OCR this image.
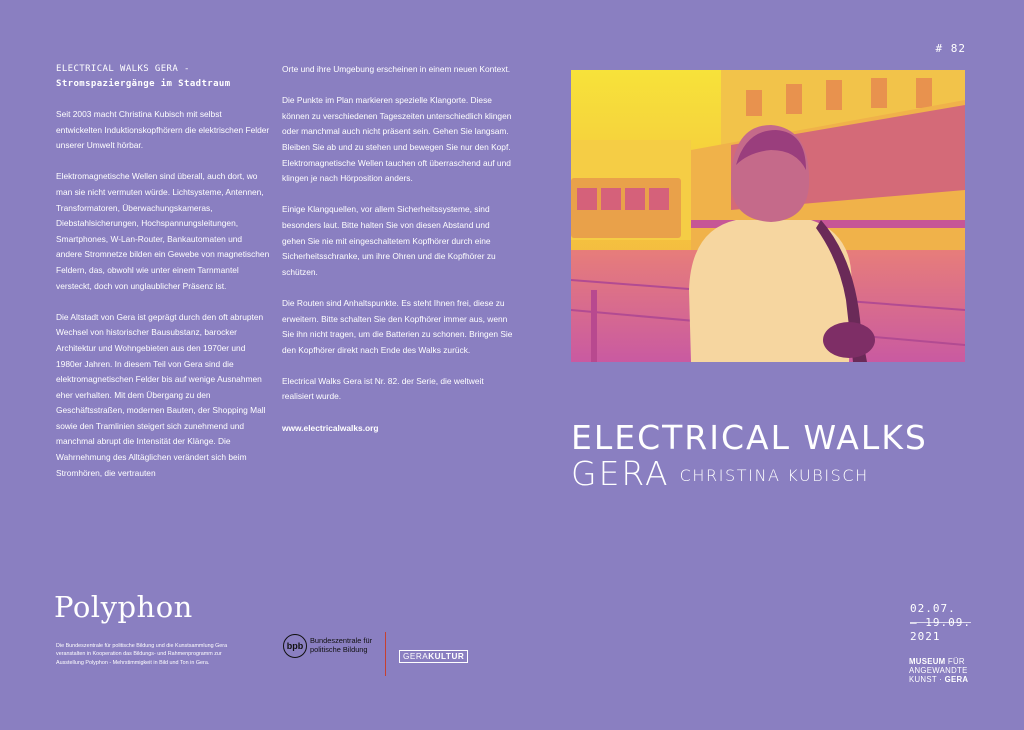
# 82
ELECTRICAL WALKS GERA -
Stromspaziergänge im Stadtraum

Seit 2003 macht Christina Kubisch mit selbst entwickelten Induktionskopfhörern die elektrischen Felder unserer Umwelt hörbar.

Elektromagnetische Wellen sind überall, auch dort, wo man sie nicht vermuten würde. Lichtsysteme, Antennen, Transformatoren, Überwachungskameras, Diebstahlsicherungen, Hochspannungsleitungen, Smartphones, W-Lan-Router, Bankautomaten und andere Stromnetze bilden ein Gewebe von magnetischen Feldern, das, obwohl wie unter einem Tarnmantel versteckt, doch von unglaublicher Präsenz ist.

Die Altstadt von Gera ist geprägt durch den oft abrupten Wechsel von historischer Bausubstanz, barocker Architektur und Wohngebieten aus den 1970er und 1980er Jahren. In diesem Teil von Gera sind die elektromagnetischen Felder bis auf wenige Ausnahmen eher verhalten. Mit dem Übergang zu den Geschäftsstraßen, modernen Bauten, der Shopping Mall sowie den Tramlinien steigert sich zunehmend und manchmal abrupt die Intensität der Klänge. Die Wahrnehmung des Alltäglichen verändert sich beim Stromhören, die vertrauten

Orte und ihre Umgebung erscheinen in einem neuen Kontext.

Die Punkte im Plan markieren spezielle Klangorte. Diese können zu verschiedenen Tageszeiten unterschiedlich klingen oder manchmal auch nicht präsent sein. Gehen Sie langsam. Bleiben Sie ab und zu stehen und bewegen Sie nur den Kopf. Elektromagnetische Wellen tauchen oft überraschend auf und klingen je nach Hörposition anders.

Einige Klangquellen, vor allem Sicherheitssysteme, sind besonders laut. Bitte halten Sie von diesen Abstand und gehen Sie nie mit eingeschaltetem Kopfhörer durch eine Sicherheitsschranke, um ihre Ohren und die Kopfhörer zu schützen.

Die Routen sind Anhaltspunkte. Es steht Ihnen frei, diese zu erweitern. Bitte schalten Sie den Kopfhörer immer aus, wenn Sie ihn nicht tragen, um die Batterien zu schonen. Bringen Sie den Kopfhörer direkt nach Ende des Walks zurück.

Electrical Walks Gera ist Nr. 82. der Serie, die weltweit realisiert wurde.

www.electricalwalks.org	ELECTRICAL WALKS
GERA CHRISTINA KUBISCH
Polyphon
Die Bundeszentrale für politische Bildung und die Kunstsammlung Gera veranstalten in Kooperation das Bildungs- und Rahmenprogramm zur Ausstellung Polyphon - Mehrstimmigkeit in Bild und Ton in Gera.
bpb
Bundeszentrale für
politische Bildung
GERAKULTUR
02.07.
– 19.09.
2021
MUSEUM FÜR
ANGEWANDTE
KUNST · GERA
